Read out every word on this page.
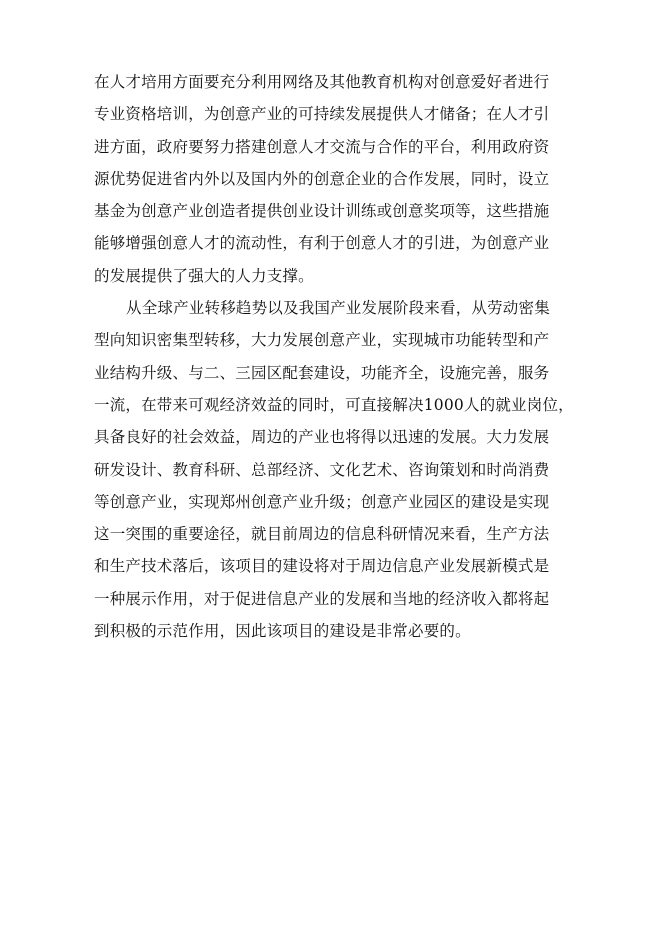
在人才培用方面要充分利用网络及其他教育机构对创意爱好者进行
专业资格培训，为创意产业的可持续发展提供人才储备；在人才引
进方面，政府要努力搭建创意人才交流与合作的平台，利用政府资
源优势促进省内外以及国内外的创意企业的合作发展，同时，设立
基金为创意产业创造者提供创业设计训练或创意奖项等，这些措施
能够增强创意人才的流动性，有利于创意人才的引进，为创意产业
的发展提供了强大的人力支撑。
从全球产业转移趋势以及我国产业发展阶段来看，从劳动密集
型向知识密集型转移，大力发展创意产业，实现城市功能转型和产
业结构升级、与二、三园区配套建设，功能齐全，设施完善，服务
一流，在带来可观经济效益的同时，可直接解决1000人的就业岗位，
具备良好的社会效益，周边的产业也将得以迅速的发展。大力发展
研发设计、教育科研、总部经济、文化艺术、咨询策划和时尚消费
等创意产业，实现郑州创意产业升级；创意产业园区的建设是实现
这一突围的重要途径，就目前周边的信息科研情况来看，生产方法
和生产技术落后，该项目的建设将对于周边信息产业发展新模式是
一种展示作用，对于促进信息产业的发展和当地的经济收入都将起
到积极的示范作用，因此该项目的建设是非常必要的。
